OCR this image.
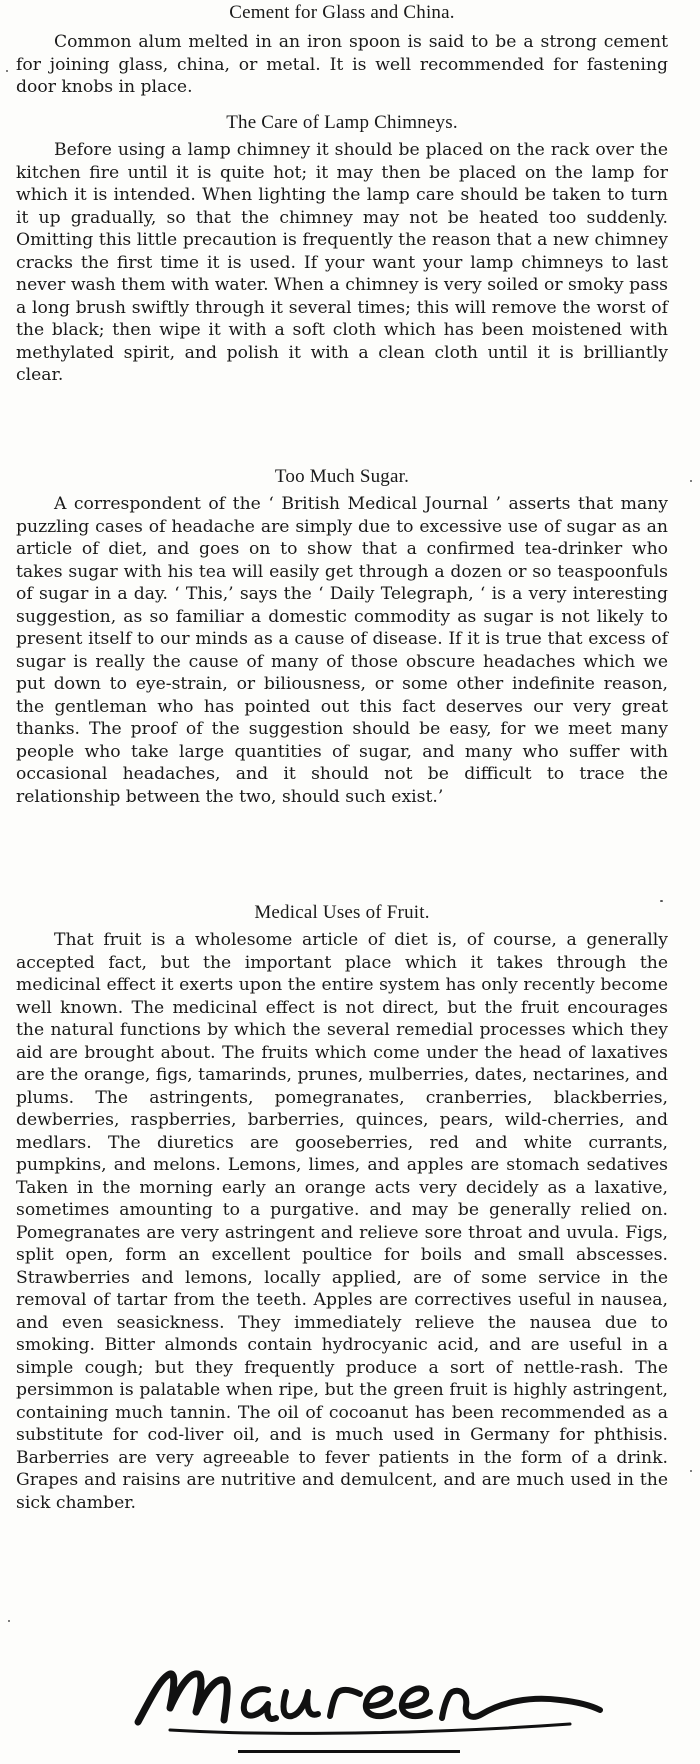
Cement for Glass and China.

Common alum melted in an iron spoon is said to be a strong cement for joining glass, china, or metal. It is well recommended for fastening door knobs in place.

The Care of Lamp Chimneys.

Before using a lamp chimney it should be placed on the rack over the kitchen fire until it is quite hot; it may then be placed on the lamp for which it is intended. When lighting the lamp care should be taken to turn it up gradually, so that the chimney may not be heated too suddenly. Omitting this little precaution is frequently the reason that a new chimney cracks the first time it is used. If your want your lamp chimneys to last never wash them with water. When a chimney is very soiled or smoky pass a long brush swiftly through it several times; this will remove the worst of the black; then wipe it with a soft cloth which has been moistened with methylated spirit, and polish it with a clean cloth until it is brilliantly clear.

Too Much Sugar.

A correspondent of the ‘ British Medical Journal ’ asserts that many puzzling cases of headache are simply due to excessive use of sugar as an article of diet, and goes on to show that a confirmed tea-drinker who takes sugar with his tea will easily get through a dozen or so teaspoonfuls of sugar in a day. ‘ This,’ says the ‘ Daily Telegraph, ‘ is a very interesting suggestion, as so familiar a domestic commodity as sugar is not likely to present itself to our minds as a cause of disease. If it is true that excess of sugar is really the cause of many of those obscure headaches which we put down to eye-strain, or biliousness, or some other indefinite reason, the gentleman who has pointed out this fact deserves our very great thanks. The proof of the suggestion should be easy, for we meet many people who take large quantities of sugar, and many who suffer with occasional headaches, and it should not be difficult to trace the relationship between the two, should such exist.’

Medical Uses of Fruit.

That fruit is a wholesome article of diet is, of course, a generally accepted fact, but the important place which it takes through the medicinal effect it exerts upon the entire system has only recently become well known. The medicinal effect is not direct, but the fruit encourages the natural functions by which the several remedial processes which they aid are brought about. The fruits which come under the head of laxatives are the orange, figs, tamarinds, prunes, mulberries, dates, nectarines, and plums. The astringents, pomegranates, cranberries, blackberries, dewberries, raspberries, barberries, quinces, pears, wild-cherries, and medlars. The diuretics are gooseberries, red and white currants, pumpkins, and melons. Lemons, limes, and apples are stomach sedatives Taken in the morning early an orange acts very decidely as a laxative, sometimes amounting to a purgative. and may be generally relied on. Pomegranates are very astringent and relieve sore throat and uvula. Figs, split open, form an excellent poultice for boils and small abscesses. Strawberries and lemons, locally applied, are of some service in the removal of tartar from the teeth. Apples are correctives useful in nausea, and even seasickness. They immediately relieve the nausea due to smoking. Bitter almonds contain hydrocyanic acid, and are useful in a simple cough; but they frequently produce a sort of nettle-rash. The persimmon is palatable when ripe, but the green fruit is highly astringent, containing much tannin. The oil of cocoanut has been recommended as a substitute for cod-liver oil, and is much used in Germany for phthisis. Barberries are very agreeable to fever patients in the form of a drink. Grapes and raisins are nutritive and demulcent, and are much used in the sick chamber.
